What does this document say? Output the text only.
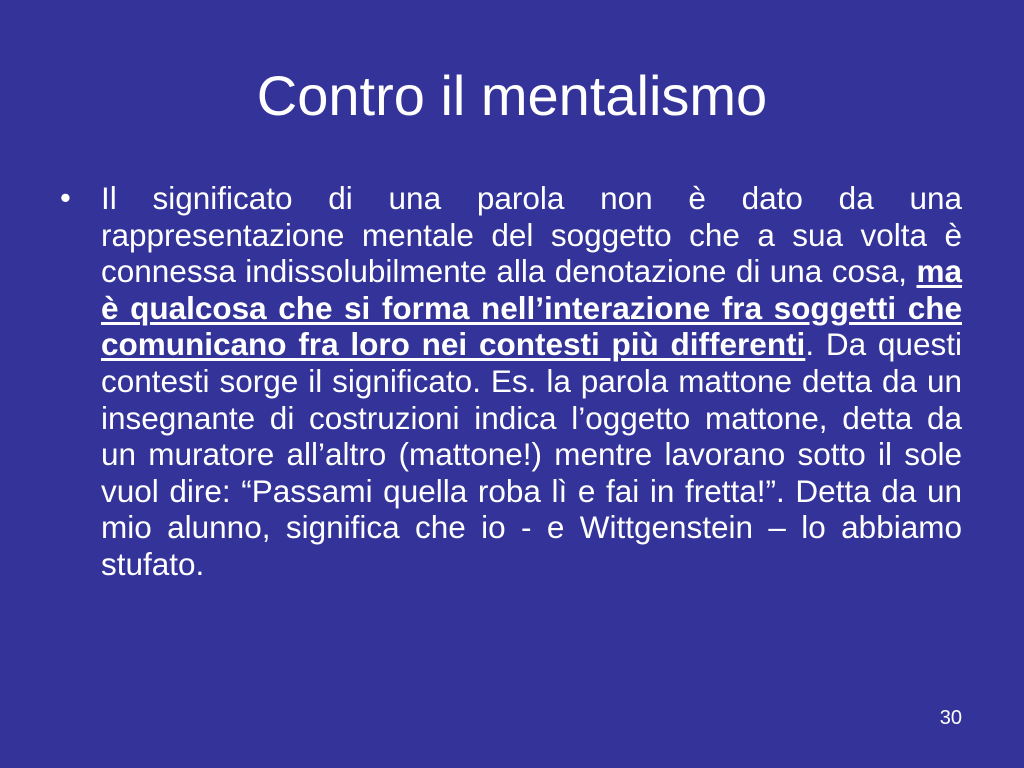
Contro il mentalismo
• Il significato di una parola non è dato da una rappresentazione mentale del soggetto che a sua volta è connessa indissolubilmente alla denotazione di una cosa, ma è qualcosa che si forma nell’interazione fra soggetti che comunicano fra loro nei contesti più differenti. Da questi contesti sorge il significato. Es. la parola mattone detta da un insegnante di costruzioni indica l’oggetto mattone, detta da un muratore all’altro (mattone!) mentre lavorano sotto il sole vuol dire: “Passami quella roba lì e fai in fretta!”. Detta da un mio alunno, significa che io - e Wittgenstein – lo abbiamo stufato.
30
